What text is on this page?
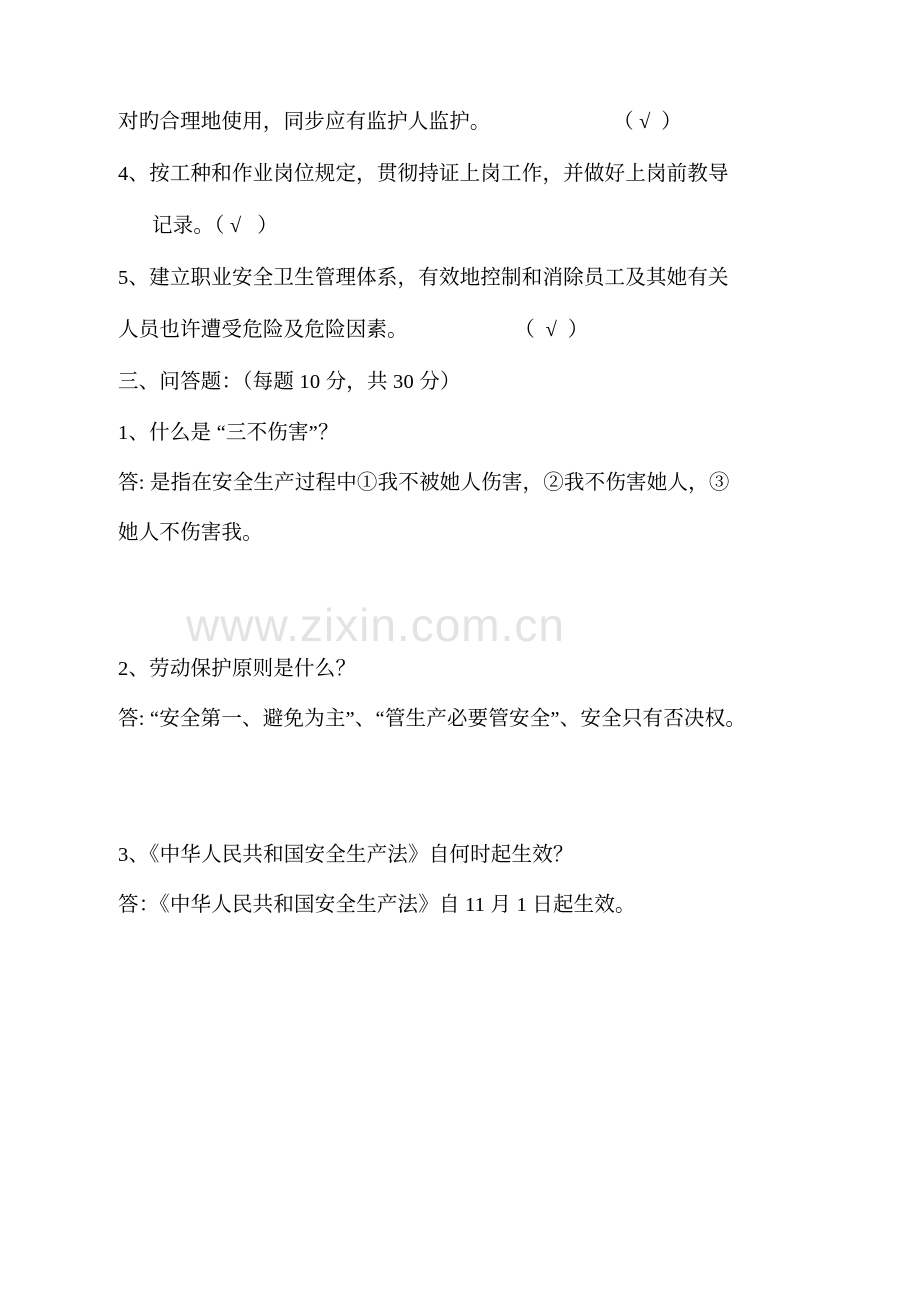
对旳合理地使用，同步应有监护人监护。                       （ √  ）
4、按工种和作业岗位规定，贯彻持证上岗工作，并做好上岗前教导
记录。（ √   ）
5、建立职业安全卫生管理体系，有效地控制和消除员工及其她有关
人员也许遭受危险及危险因素。                    （  √  ）
三、问答题：（每题 10 分，共 30 分）
1、什么是 “三不伤害”？
答: 是指在安全生产过程中①我不被她人伤害，②我不伤害她人，③
她人不伤害我。
2、劳动保护原则是什么？
答: “安全第一、避免为主”、“管生产必要管安全”、安全只有否决权。
3、《中华人民共和国安全生产法》自何时起生效？
答：《中华人民共和国安全生产法》自 11 月 1 日起生效。
www.zixin.com.cn
